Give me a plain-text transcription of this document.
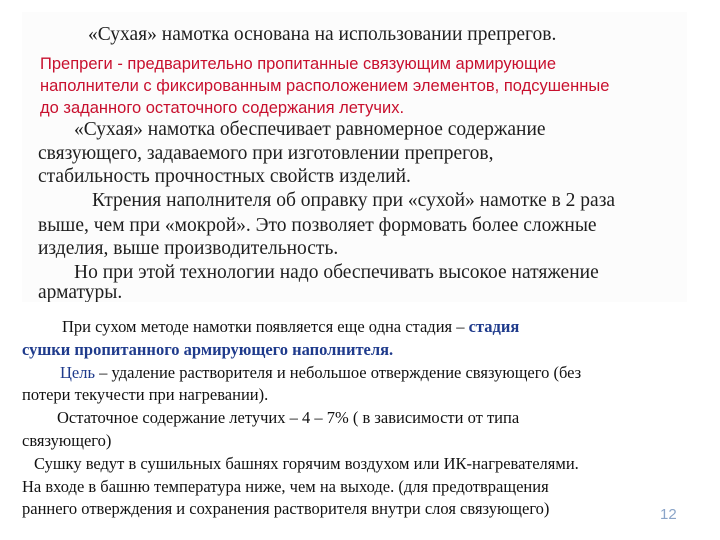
«Сухая» намотка основана на использовании препрегов.
Препреги - предварительно пропитанные связующим армирующие
наполнители с фиксированным расположением элементов, подсушенные
до заданного остаточного содержания летучих.
«Сухая» намотка обеспечивает равномерное содержание
связующего, задаваемого при изготовлении препрегов,
стабильность прочностных свойств изделий.
Ктрения наполнителя об оправку при «сухой» намотке в 2 раза
выше, чем при «мокрой». Это позволяет формовать более сложные
изделия, выше производительность.
Но при этой технологии надо обеспечивать высокое натяжение
арматуры.
При сухом методе намотки появляется еще одна стадия – стадия
сушки пропитанного армирующего наполнителя.
Цель – удаление растворителя и небольшое отверждение связующего (без
потери текучести при нагревании).
Остаточное содержание летучих – 4 – 7% ( в зависимости от типа
связующего)
Сушку ведут в сушильных башнях горячим воздухом или ИК-нагревателями.
На входе в башню температура ниже, чем на выходе. (для предотвращения
раннего отверждения и сохранения растворителя внутри слоя связующего)	12
